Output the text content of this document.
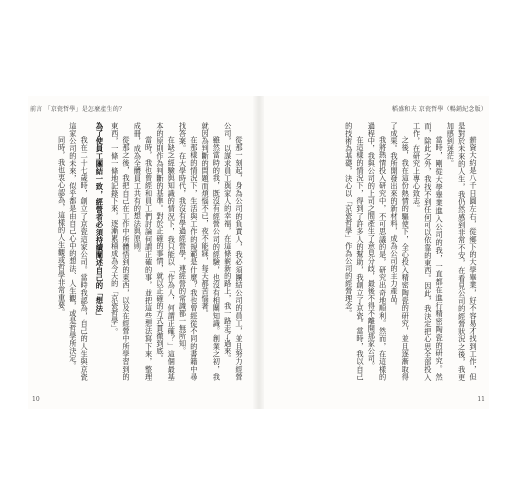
前言 「京瓷哲學」是怎麼產生的？

從那一刻起，身為公司的負責人，我必須團結公司的員工，並且努力經營公司，以謀求員工與家人的幸福，在這條嶄新的路上，我一路走了過來。

雖然當時的我，既沒有經營公司的經驗，也沒有相關知識。創業之初，我就因為判斷的問題而煩惱不已，夜不能寐，每天都苦惱著。

在那樣的情況下，生活與工作的規範是什麼？我也曾經從不同的書籍中尋找答案。在大學時代，我沒有學過經營學，連經營的常識都一無所知。

在缺乏經驗與知識的情況下，我只能以「作為人，何謂正確？」這個最基本的原則作為判斷的基準。對於正確的事情，就以正確的方式貫徹到底。

當時，我也曾經和員工們討論何謂正確的事，並把這些想法寫下來，整理成冊，成為全體員工共有的想法與原則。

從那之後，我把自己在工作中所體悟到的東西，以及在經營中所學習到的東西，一條一條地記錄下來，逐漸累積成為今天的「京瓷哲學」。

為了使員工團結一致，經營者必須持續闡述自己的「想法」

我在二十七歲時，創立了京瓷這家公司。當時我認為，自己的人生與京瓷這家公司的未來，似乎都是由自己心中的想法、人生觀，或是哲學所決定。

同時，我也衷心認為，這樣的人生觀或哲學非常重要。

10
稻盛和夫 京瓷哲學（暢銷紀念版）

薪資大約是八千日圓左右，從鄉下的大學畢業，好不容易才找到工作，但是對於未來的人生，我仍然感到非常不安，在看見公司的經營狀況之後，我更加感到迷茫。

當時，剛從大學畢業進入公司的我，一直都在進行精密陶瓷的研究。然而，除此之外，我找不到任何可以依靠的東西。因此，我決定把心思全部投入工作，在研究上專心致志。

之後，我在這份熱情的驅使下，全心投入精密陶瓷的研究，並且逐漸取得了成果。我所開發出來的新材料，成為公司的主力產品。

我將熱情投入研究中，不可思議的是，研究出奇地順利。然而，在這樣的過程中，我與公司的上司之間產生了意見分歧，最後不得不離開那家公司。

在這樣的情況下，得到了許多人的幫助，我創立了京瓷。當時，我以自己的技術為基礎，決心以「京瓷哲學」作為公司的經營理念。

11
